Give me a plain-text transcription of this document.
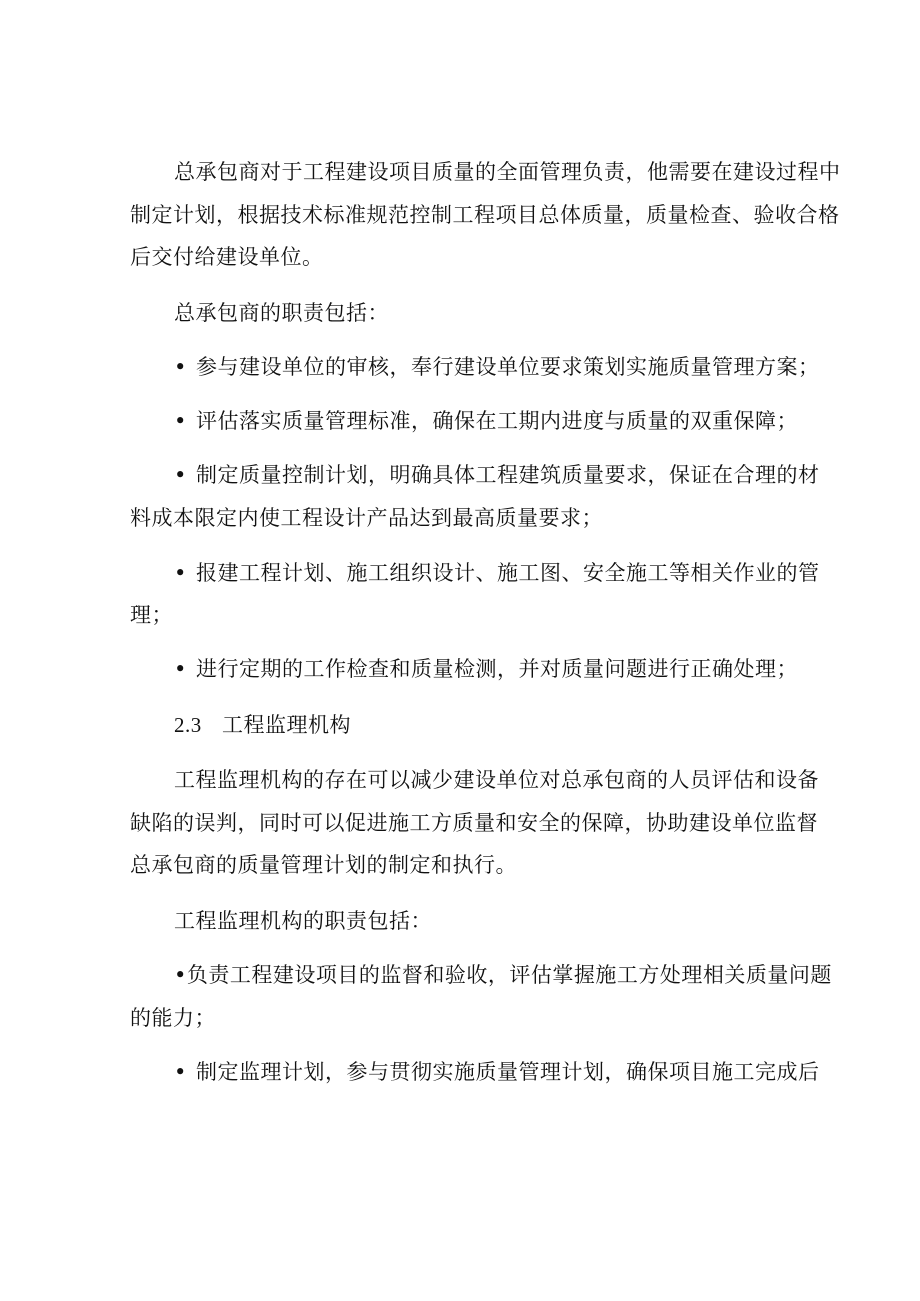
总承包商对于工程建设项目质量的全面管理负责，他需要在建设过程中
制定计划，根据技术标准规范控制工程项目总体质量，质量检查、验收合格
后交付给建设单位。
总承包商的职责包括：
• 参与建设单位的审核，奉行建设单位要求策划实施质量管理方案；
• 评估落实质量管理标准，确保在工期内进度与质量的双重保障；
• 制定质量控制计划，明确具体工程建筑质量要求，保证在合理的材
料成本限定内使工程设计产品达到最高质量要求；
• 报建工程计划、施工组织设计、施工图、安全施工等相关作业的管
理；
• 进行定期的工作检查和质量检测，并对质量问题进行正确处理；
2.3 工程监理机构
工程监理机构的存在可以减少建设单位对总承包商的人员评估和设备
缺陷的误判，同时可以促进施工方质量和安全的保障，协助建设单位监督
总承包商的质量管理计划的制定和执行。
工程监理机构的职责包括：
•负责工程建设项目的监督和验收，评估掌握施工方处理相关质量问题
的能力；
• 制定监理计划，参与贯彻实施质量管理计划，确保项目施工完成后
